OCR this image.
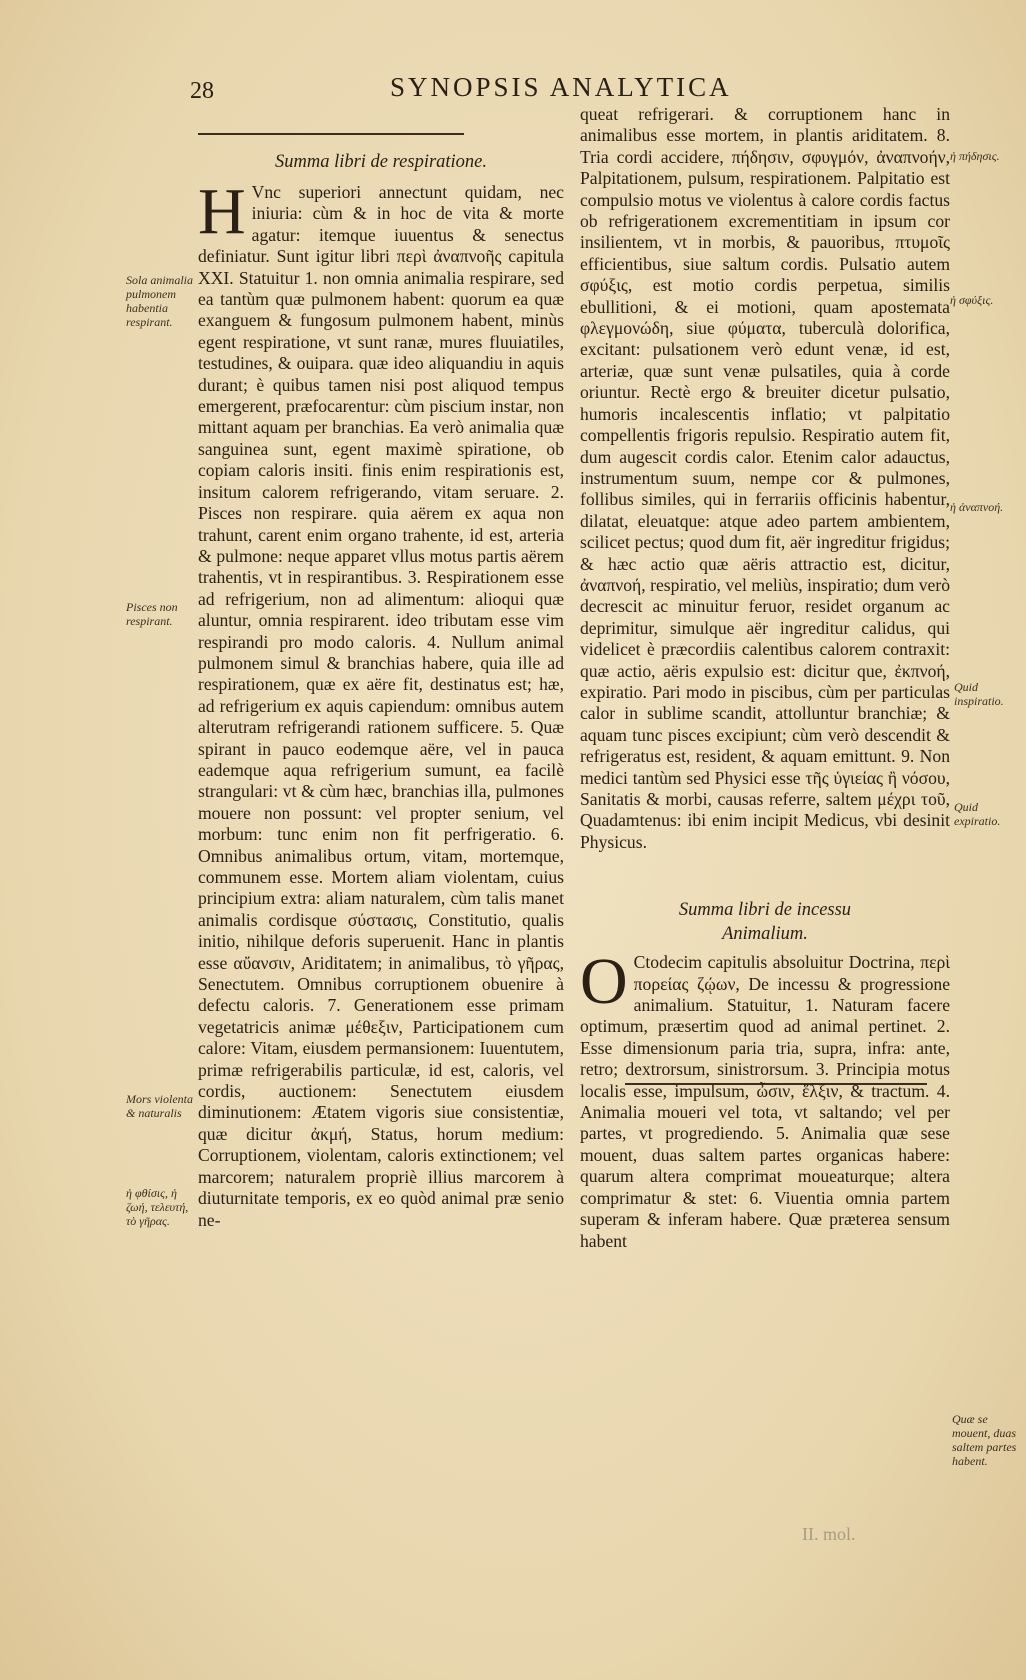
28	SYNOPSIS ANALYTICA

Summa libri de respiratione.

H Vnc superiori annectunt quidam, nec iniuria: cùm & in hoc de vita & morte agatur: itemque iuuentus & senectus definiatur. Sunt igitur libri περὶ ἀναπνοῆς capitula XXI. Statuitur 1. non omnia animalia respirare, sed ea tantùm quæ pulmonem habent: quorum ea quæ exanguem & fungosum pulmonem habent, minùs egent respiratione, vt sunt ranæ, mures fluuiatiles, testudines, & ouipara. quæ ideo aliquandiu in aquis durant; è quibus tamen nisi post aliquod tempus emergerent, præfocarentur: cùm piscium instar, non mittant aquam per branchias. Ea verò animalia quæ sanguinea sunt, egent maximè spiratione, ob copiam caloris insiti. finis enim respirationis est, insitum calorem refrigerando, vitam seruare. 2. Pisces non respirare. quia aërem ex aqua non trahunt, carent enim organo trahente, id est, arteria & pulmone: neque apparet vllus motus partis aërem trahentis, vt in respirantibus. 3. Respirationem esse ad refrigerium, non ad alimentum: alioqui quæ aluntur, omnia respirarent. ideo tributam esse vim respirandi pro modo caloris. 4. Nullum animal pulmonem simul & branchias habere, quia ille ad respirationem, quæ ex aëre fit, destinatus est; hæ, ad refrigerium ex aquis capiendum: omnibus autem alterutram refrigerandi rationem sufficere. 5. Quæ spirant in pauco eodemque aëre, vel in pauca eademque aqua refrigerium sumunt, ea facilè strangulari: vt & cùm hæc, branchias illa, pulmones mouere non possunt: vel propter senium, vel morbum: tunc enim non fit perfrigeratio. 6. Omnibus animalibus ortum, vitam, mortemque, communem esse. Mortem aliam violentam, cuius principium extra: aliam naturalem, cùm talis manet animalis cordisque σύστασις, Constitutio, qualis initio, nihilque deforis superuenit. Hanc in plantis esse αὔανσιν, Ariditatem; in animalibus, τὸ γῆρας, Senectutem. Omnibus corruptionem obuenire à defectu caloris. 7. Generationem esse primam vegetatricis animæ μέθεξιν, Participationem cum calore: Vitam, eiusdem permansionem: Iuuentutem, primæ refrigerabilis particulæ, id est, caloris, vel cordis, auctionem: Senectutem eiusdem diminutionem: Ætatem vigoris siue consistentiæ, quæ dicitur ἀκμή, Status, horum medium: Corruptionem, violentam, caloris extinctionem; vel marcorem; naturalem propriè illius marcorem à diuturnitate temporis, ex eo quòd animal præ senio ne-

Sola animalia pulmonem habentia respirant.
Pisces non respirant.
Mors violenta & naturalis
ἡ φθίσις, ἡ ζωή, τελευτή, τὸ γῆρας.

queat refrigerari. & corruptionem hanc in animalibus esse mortem, in plantis ariditatem. 8. Tria cordi accidere, πήδησιν, σφυγμόν, ἀναπνοήν, Palpitationem, pulsum, respirationem. Palpitatio est compulsio motus ve violentus à calore cordis factus ob refrigerationem excrementitiam in ipsum cor insilientem, vt in morbis, & pauoribus, πτυμοῖς efficientibus, siue saltum cordis. Pulsatio autem σφύξις, est motio cordis perpetua, similis ebullitioni, & ei motioni, quam apostemata φλεγμονώδη, siue φύματα, tuberculà dolorifica, excitant: pulsationem verò edunt venæ, id est, arteriæ, quæ sunt venæ pulsatiles, quia à corde oriuntur. Rectè ergo & breuiter dicetur pulsatio, humoris incalescentis inflatio; vt palpitatio compellentis frigoris repulsio. Respiratio autem fit, dum augescit cordis calor. Etenim calor adauctus, instrumentum suum, nempe cor & pulmones, follibus similes, qui in ferrariis officinis habentur, dilatat, eleuatque: atque adeo partem ambientem, scilicet pectus; quod dum fit, aër ingreditur frigidus; & hæc actio quæ aëris attractio est, dicitur, ἀναπνοή, respiratio, vel meliùs, inspiratio; dum verò decrescit ac minuitur feruor, residet organum ac deprimitur, simulque aër ingreditur calidus, qui videlicet è præcordiis calentibus calorem contraxit: quæ actio, aëris expulsio est: dicitur que, ἐκπνοή, expiratio. Pari modo in piscibus, cùm per particulas calor in sublime scandit, attolluntur branchiæ; & aquam tunc pisces excipiunt; cùm verò descendit & refrigeratus est, resident, & aquam emittunt. 9. Non medici tantùm sed Physici esse τῆς ὑγιείας ἢ νόσου, Sanitatis & morbi, causas referre, saltem μέχρι τοῦ, Quadamtenus: ibi enim incipit Medicus, vbi desinit Physicus.

Summa libri de incessu

Animalium.

O Ctodecim capitulis absoluitur Doctrina, περὶ πορείας ζῴων, De incessu & progressione animalium. Statuitur, 1. Naturam facere optimum, præsertim quod ad animal pertinet. 2. Esse dimensionum paria tria, supra, infra: ante, retro; dextrorsum, sinistrorsum. 3. Principia motus localis esse, impulsum, ὦσιν, ἕλξιν, & tractum. 4. Animalia moueri vel tota, vt saltando; vel per partes, vt progrediendo. 5. Animalia quæ sese mouent, duas saltem partes organicas habere: quarum altera comprimat moueaturque; altera comprimatur & stet: 6. Viuentia omnia partem superam & inferam habere. Quæ præterea sensum habent

ἡ πήδησις.
ἡ σφύξις.
ἡ ἀναπνοή.
Quid inspiratio.
Quid expiratio.
Quæ se mouent, duas saltem partes habent.
II. mol.
